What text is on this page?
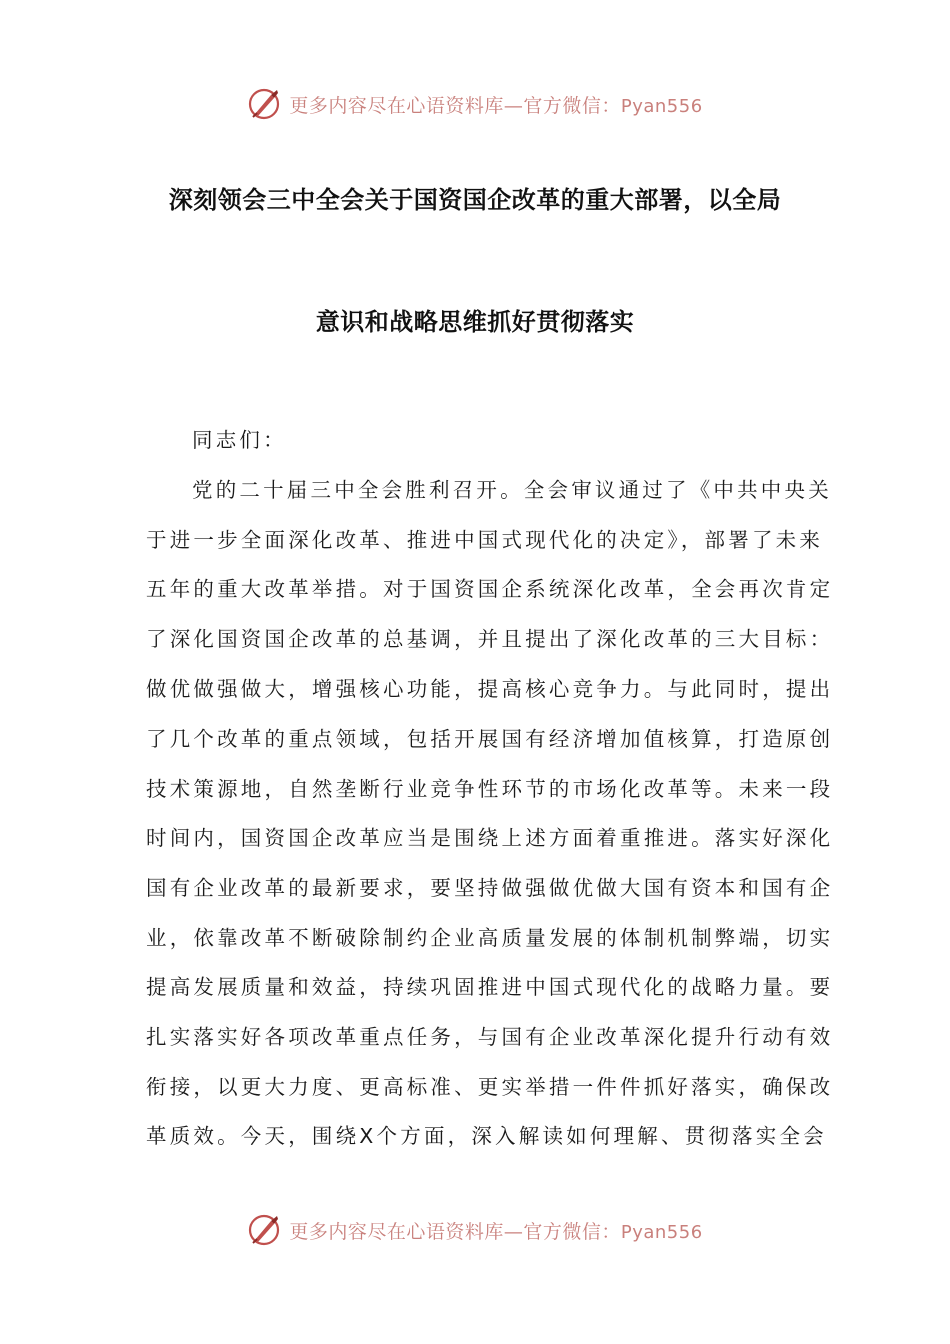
更多内容尽在心语资料库—官方微信：Pyan556
深刻领会三中全会关于国资国企改革的重大部署，以全局
意识和战略思维抓好贯彻落实
同志们：
党的二十届三中全会胜利召开。全会审议通过了《中共中央关
于进一步全面深化改革、推进中国式现代化的决定》，部署了未来
五年的重大改革举措。对于国资国企系统深化改革，全会再次肯定
了深化国资国企改革的总基调，并且提出了深化改革的三大目标：
做优做强做大，增强核心功能，提高核心竞争力。与此同时，提出
了几个改革的重点领域，包括开展国有经济增加值核算，打造原创
技术策源地，自然垄断行业竞争性环节的市场化改革等。未来一段
时间内，国资国企改革应当是围绕上述方面着重推进。落实好深化
国有企业改革的最新要求，要坚持做强做优做大国有资本和国有企
业，依靠改革不断破除制约企业高质量发展的体制机制弊端，切实
提高发展质量和效益，持续巩固推进中国式现代化的战略力量。要
扎实落实好各项改革重点任务，与国有企业改革深化提升行动有效
衔接，以更大力度、更高标准、更实举措一件件抓好落实，确保改
革质效。今天，围绕X个方面，深入解读如何理解、贯彻落实全会
更多内容尽在心语资料库—官方微信：Pyan556
